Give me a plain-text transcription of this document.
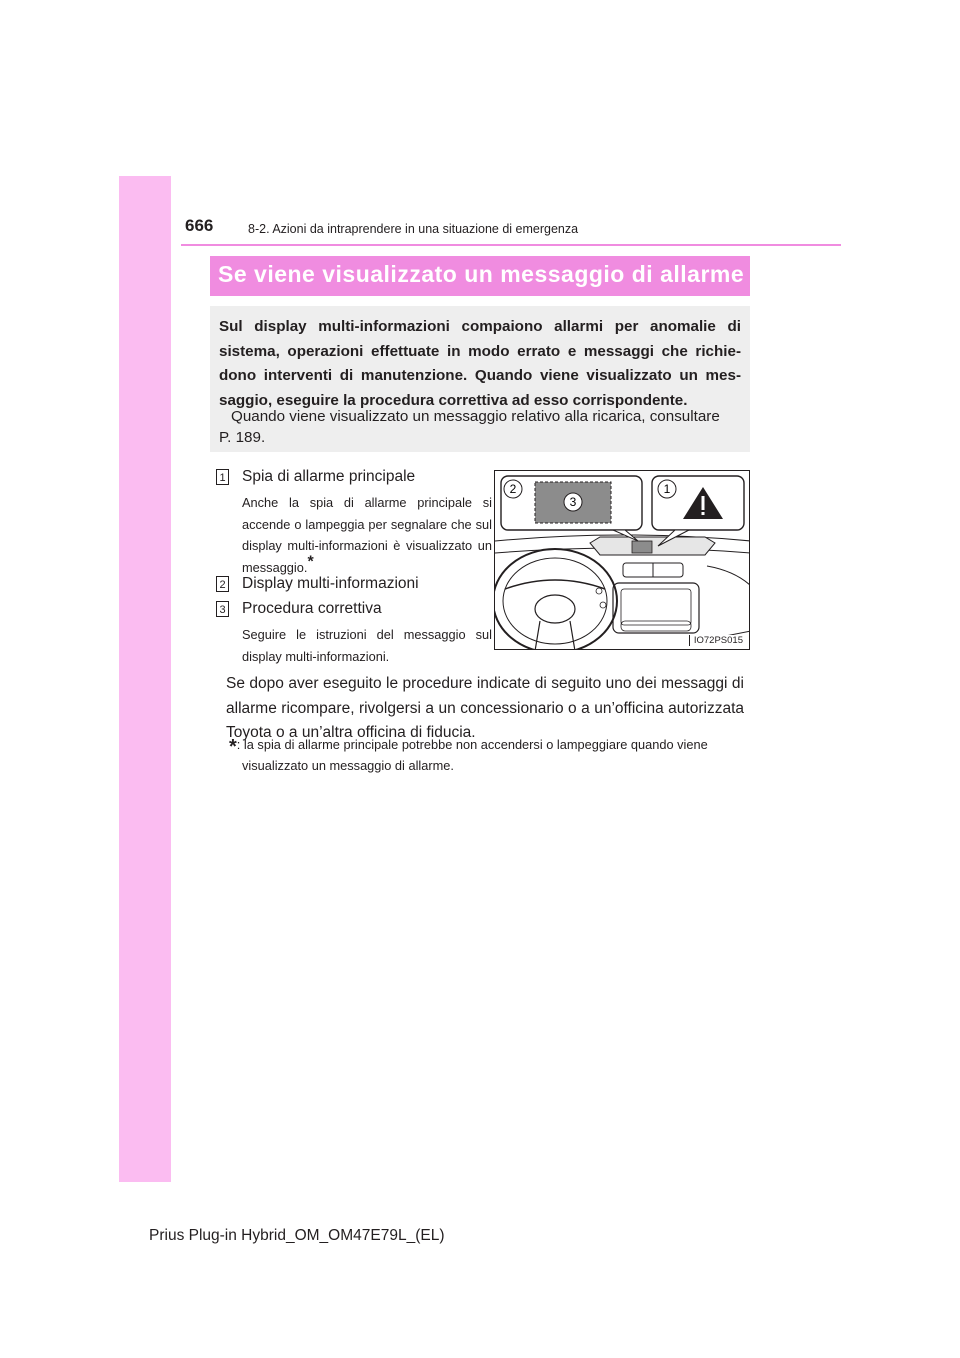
666	8-2. Azioni da intraprendere in una situazione di emergenza
Se viene visualizzato un messaggio di allarme
Sul display multi-informazioni compaiono allarmi per anomalie di sistema, operazioni effettuate in modo errato e messaggi che richie-dono interventi di manutenzione. Quando viene visualizzato un mes-saggio, eseguire la procedura correttiva ad esso corrispondente.
Quando viene visualizzato un messaggio relativo alla ricarica, consultare
P. 189.
1 Spia di allarme principale
Anche la spia di allarme principale si accende o lampeggia per segnalare che sul display multi-informazioni è visualizzato un messaggio.*
2 Display multi-informazioni
3 Procedura correttiva
Seguire le istruzioni del messaggio sul display multi-informazioni.
2
3
1
IO72PS015
Se dopo aver eseguito le procedure indicate di seguito uno dei messaggi di allarme ricompare, rivolgersi a un concessionario o a un’officina autorizzata Toyota o a un’altra officina di fiducia.
*: la spia di allarme principale potrebbe non accendersi o lampeggiare quando viene
visualizzato un messaggio di allarme.
Prius Plug-in Hybrid_OM_OM47E79L_(EL)
